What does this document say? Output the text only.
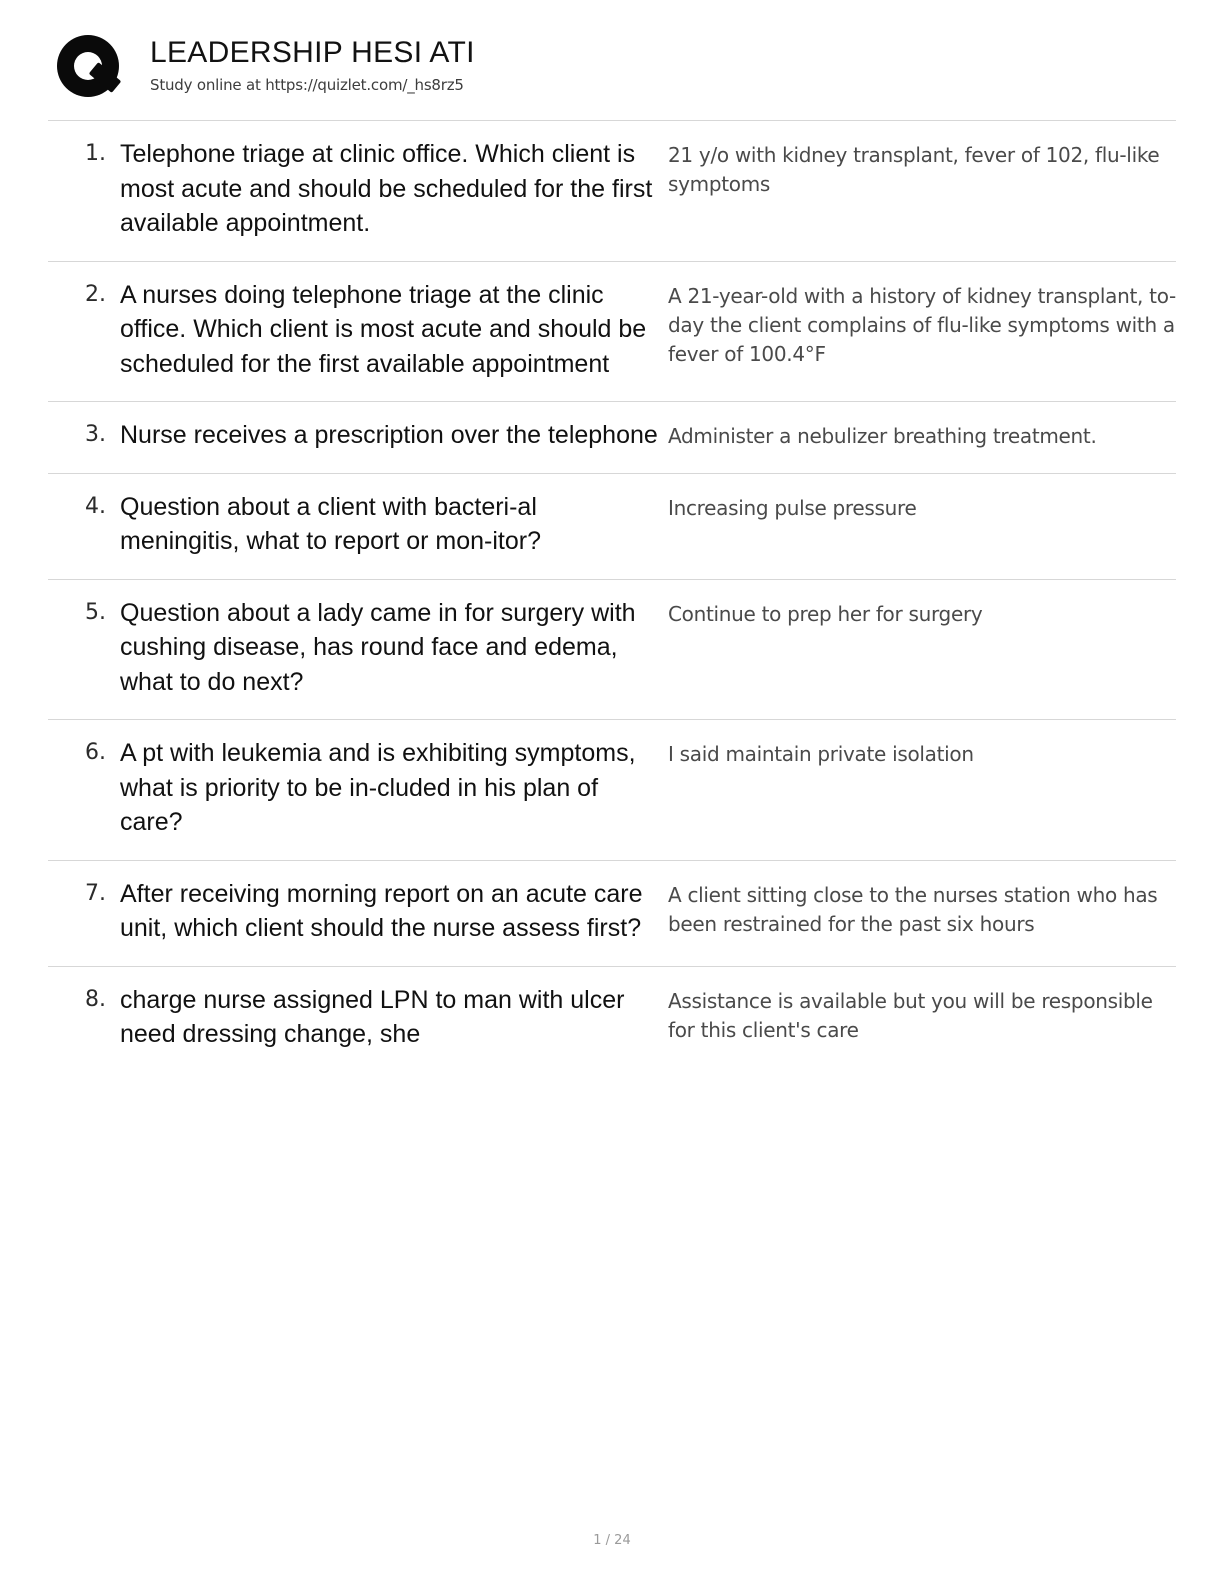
LEADERSHIP HESI ATI
Study online at https://quizlet.com/_hs8rz5
1. Telephone triage at clinic office. Which client is most acute and should be scheduled for the first available appointment.
21 y/o with kidney transplant, fever of 102, flu-like symptoms
2. A nurses doing telephone triage at the clinic office. Which client is most acute and should be scheduled for the first available appointment
A 21-year-old with a history of kidney transplant, to-day the client complains of flu-like symptoms with a fever of 100.4°F
3. Nurse receives a prescription over the telephone Administer a nebulizer breathing treatment.
4. Question about a client with bacteri-al meningitis, what to report or mon-itor?
Increasing pulse pressure
5. Question about a lady came in for surgery with cushing disease, has round face and edema, what to do next?
Continue to prep her for surgery
6. A pt with leukemia and is exhibiting symptoms, what is priority to be in-cluded in his plan of care?
I said maintain private isolation
7. After receiving morning report on an acute care unit, which client should the nurse assess first?
A client sitting close to the nurses station who has been restrained for the past six hours
8. charge nurse assigned LPN to man with ulcer need dressing change, she
Assistance is available but you will be responsible for this client's care
1 / 24
